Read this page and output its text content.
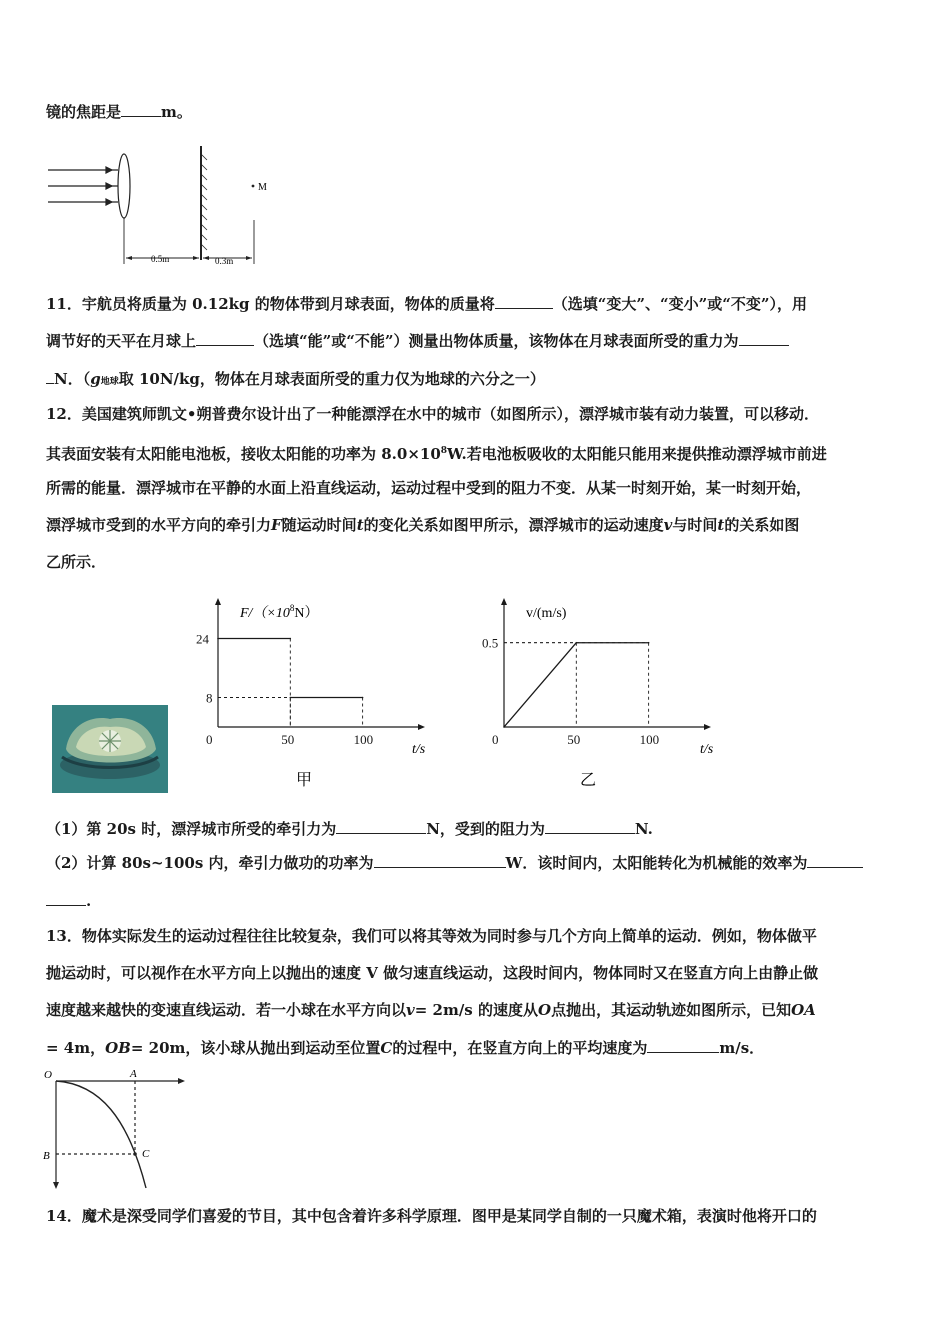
镜的焦距是	m。
M
0.5m	0.3m
11．宇航员将质量为 0.12kg 的物体带到月球表面，物体的质量将	（选填“变大”、“变小”或“不变”），用
调节好的天平在月球上	（选填“能”或“不能”）测量出物体质量，该物体在月球表面所受的重力为
N．（g地球取 10N/kg，物体在月球表面所受的重力仅为地球的六分之一）
12．美国建筑师凯文•朔普费尔设计出了一种能漂浮在水中的城市（如图所示），漂浮城市装有动力装置，可以移动．
其表面安装有太阳能电池板，接收太阳能的功率为 $8.0\times 10^8W$.若电池板吸收的太阳能只能用来提供推动漂浮城市前进
所需的能量．漂浮城市在平静的水面上沿直线运动，运动过程中受到的阻力不变．从某一时刻开始，某一时刻开始，
漂浮城市受到的水平方向的牵引力F随运动时间t的变化关系如图甲所示，漂浮城市的运动速度v与时间t的关系如图
乙所示．
$F/(\times 10^8N)$
t/s
甲
0	50	100
8
24
v/(m/s)
t/s
乙
0	50	100
0.5
（1）第 20s 时，漂浮城市所受的牵引力为	N，受到的阻力为	N.
（2）计算 80s~100s 内，牵引力做功的功率为	W．该时间内，太阳能转化为机械能的效率为
.
13．物体实际发生的运动过程往往比较复杂，我们可以将其等效为同时参与几个方向上简单的运动．例如，物体做平
抛运动时，可以视作在水平方向上以抛出的速度 V 做匀速直线运动，这段时间内，物体同时又在竖直方向上由静止做
速度越来越快的变速直线运动．若一小球在水平方向以v= 2m/s 的速度从O点抛出，其运动轨迹如图所示，已知OA
= 4m，OB= 20m，该小球从抛出到运动至位置C的过程中，在竖直方向上的平均速度为	m/s．
O	A
B	C
14．魔术是深受同学们喜爱的节目，其中包含着许多科学原理．图甲是某同学自制的一只魔术箱，表演时他将开口的
